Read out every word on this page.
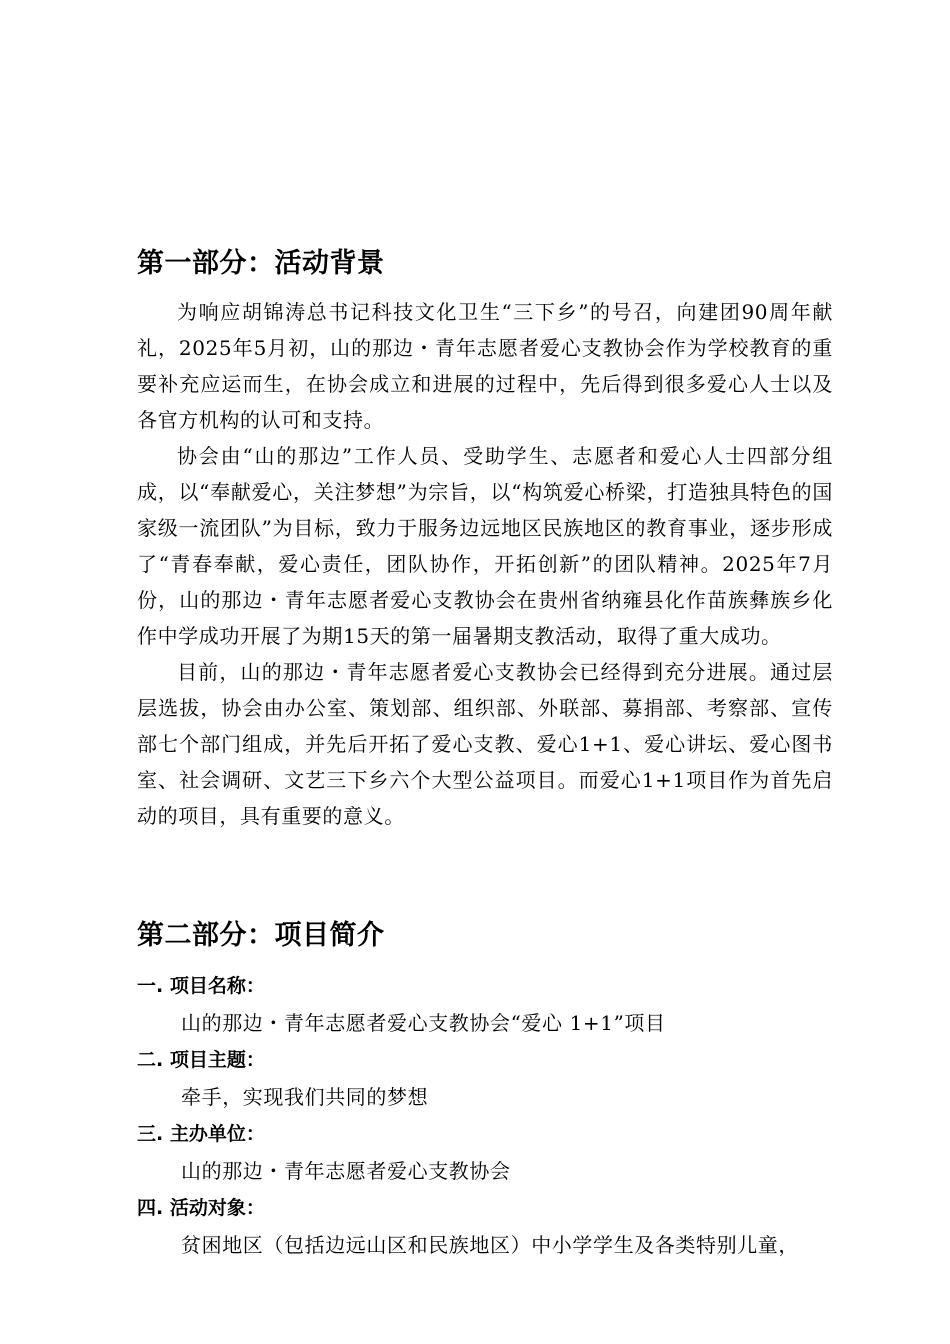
第一部分：活动背景

为响应胡锦涛总书记科技文化卫生“三下乡”的号召，向建团90周年献礼，2025年5月初，山的那边・青年志愿者爱心支教协会作为学校教育的重要补充应运而生，在协会成立和进展的过程中，先后得到很多爱心人士以及各官方机构的认可和支持。

协会由“山的那边”工作人员、受助学生、志愿者和爱心人士四部分组成，以“奉献爱心，关注梦想”为宗旨，以“构筑爱心桥梁，打造独具特色的国家级一流团队”为目标，致力于服务边远地区民族地区的教育事业，逐步形成了“青春奉献，爱心责任，团队协作，开拓创新”的团队精神。2025年7月份，山的那边・青年志愿者爱心支教协会在贵州省纳雍县化作苗族彝族乡化作中学成功开展了为期15天的第一届暑期支教活动，取得了重大成功。

目前，山的那边・青年志愿者爱心支教协会已经得到充分进展。通过层层选拔，协会由办公室、策划部、组织部、外联部、募捐部、考察部、宣传部七个部门组成，并先后开拓了爱心支教、爱心1+1、爱心讲坛、爱心图书室、社会调研、文艺三下乡六个大型公益项目。而爱心1+1项目作为首先启动的项目，具有重要的意义。

第二部分：项目简介

一. 项目名称：

山的那边・青年志愿者爱心支教协会“爱心 1+1”项目

二. 项目主题：

牵手，实现我们共同的梦想

三. 主办单位：

山的那边・青年志愿者爱心支教协会

四. 活动对象：

贫困地区（包括边远山区和民族地区）中小学学生及各类特别儿童，
